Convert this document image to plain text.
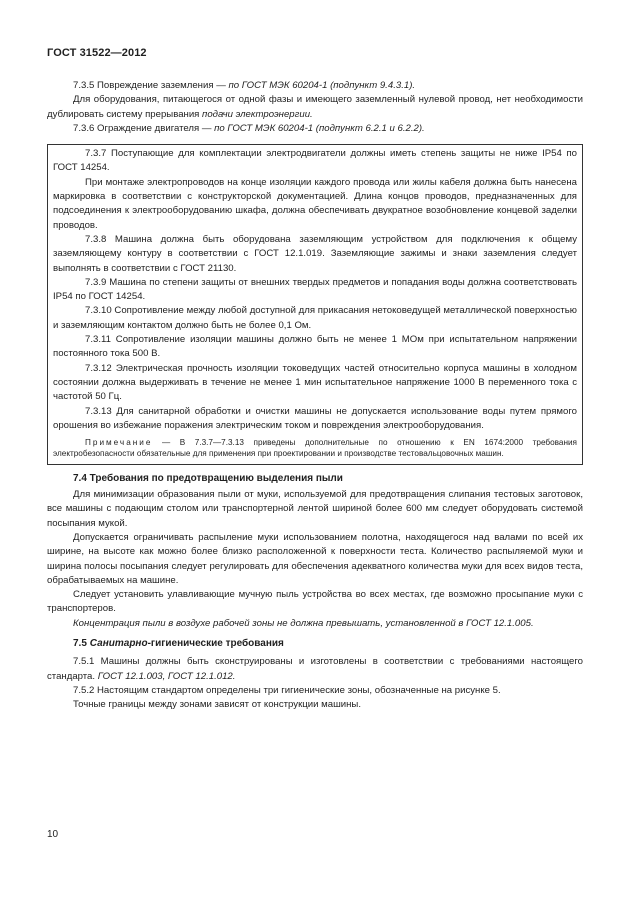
ГОСТ 31522—2012

7.3.5 Повреждение заземления — по ГОСТ МЭК 60204-1 (подпункт 9.4.3.1).

Для оборудования, питающегося от одной фазы и имеющего заземленный нулевой провод, нет необходимости дублировать систему прерывания подачи электроэнергии.

7.3.6 Ограждение двигателя — по ГОСТ МЭК 60204-1 (подпункт 6.2.1 и 6.2.2).

7.3.7 Поступающие для комплектации электродвигатели должны иметь степень защиты не ниже IP54 по ГОСТ 14254.

При монтаже электропроводов на конце изоляции каждого провода или жилы кабеля должна быть нанесена маркировка в соответствии с конструкторской документацией. Длина концов проводов, предназначенных для подсоединения к электрооборудованию шкафа, должна обеспечивать двукратное возобновление концевой заделки проводов.

7.3.8 Машина должна быть оборудована заземляющим устройством для подключения к общему заземляющему контуру в соответствии с ГОСТ 12.1.019. Заземляющие зажимы и знаки заземления следует выполнять в соответствии с ГОСТ 21130.

7.3.9 Машина по степени защиты от внешних твердых предметов и попадания воды должна соответствовать IP54 по ГОСТ 14254.

7.3.10 Сопротивление между любой доступной для прикасания нетоковедущей металлической поверхностью и заземляющим контактом должно быть не более 0,1 Ом.

7.3.11 Сопротивление изоляции машины должно быть не менее 1 МОм при испытательном напряжении постоянного тока 500 В.

7.3.12 Электрическая прочность изоляции токоведущих частей относительно корпуса машины в холодном состоянии должна выдерживать в течение не менее 1 мин испытательное напряжение 1000 В переменного тока с частотой 50 Гц.

7.3.13 Для санитарной обработки и очистки машины не допускается использование воды путем прямого орошения во избежание поражения электрическим током и повреждения электрооборудования.

Примечание — В 7.3.7—7.3.13 приведены дополнительные по отношению к EN 1674:2000 требования электробезопасности обязательные для применения при проектировании и производстве тестовальцовочных машин.

7.4 Требования по предотвращению выделения пыли

Для минимизации образования пыли от муки, используемой для предотвращения слипания тестовых заготовок, все машины с подающим столом или транспортерной лентой шириной более 600 мм следует оборудовать системой посыпания мукой.

Допускается ограничивать распыление муки использованием полотна, находящегося над валами по всей их ширине, на высоте как можно более близко расположенной к поверхности теста. Количество распыляемой муки и ширина полосы посыпания следует регулировать для обеспечения адекватного количества муки для всех видов теста, обрабатываемых на машине.

Следует установить улавливающие мучную пыль устройства во всех местах, где возможно просыпание муки с транспортеров.

Концентрация пыли в воздухе рабочей зоны не должна превышать, установленной в ГОСТ 12.1.005.

7.5 Санитарно-гигиенические требования

7.5.1 Машины должны быть сконструированы и изготовлены в соответствии с требованиями настоящего стандарта. ГОСТ 12.1.003, ГОСТ 12.1.012.

7.5.2 Настоящим стандартом определены три гигиенические зоны, обозначенные на рисунке 5.

Точные границы между зонами зависят от конструкции машины.

10
